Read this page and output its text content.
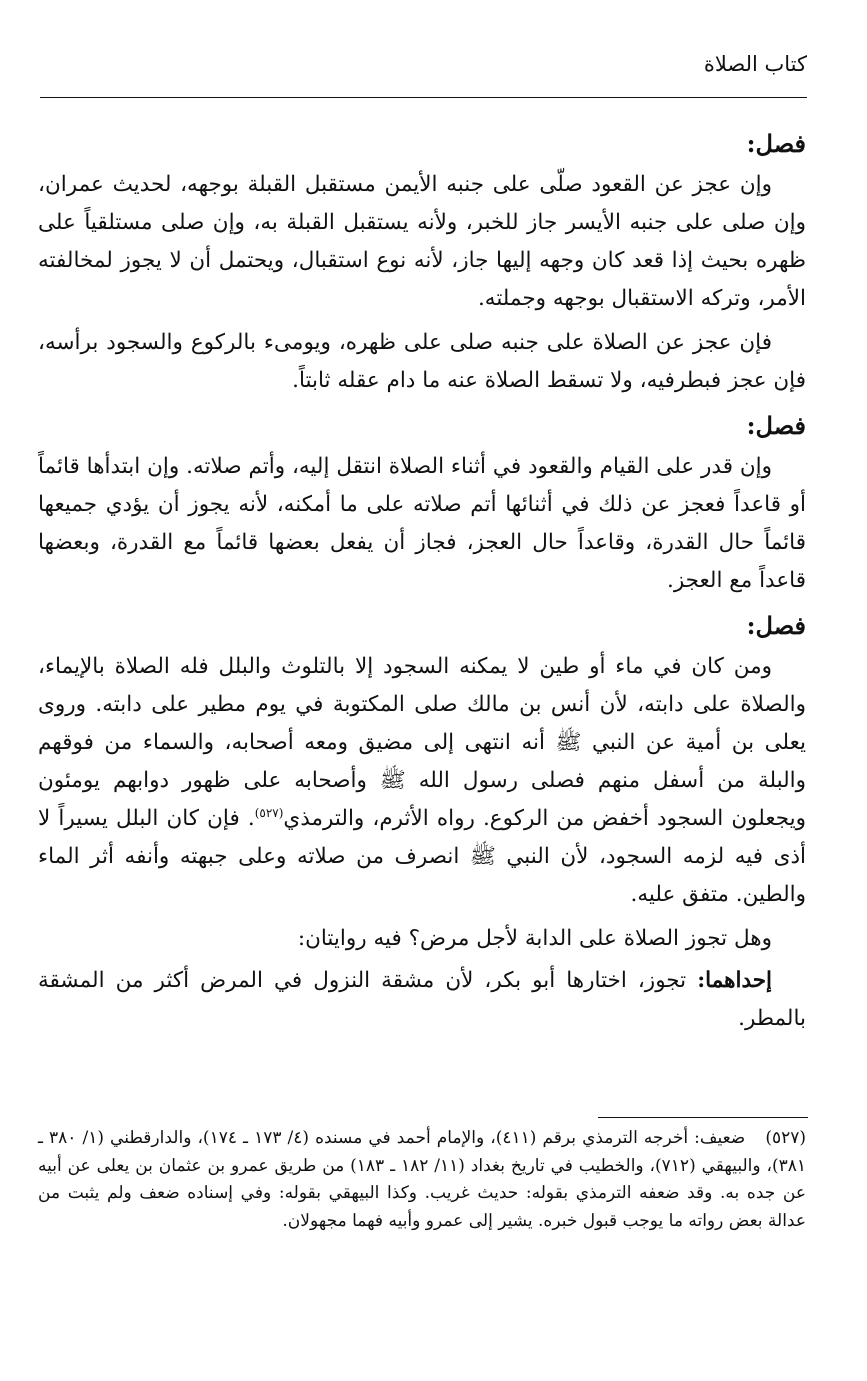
كتاب الصلاة
فصل:

وإن عجز عن القعود صلّى على جنبه الأيمن مستقبل القبلة بوجهه، لحديث عمران، وإن صلى على جنبه الأيسر جاز للخبر، ولأنه يستقبل القبلة به، وإن صلى مستلقياً على ظهره بحيث إذا قعد كان وجهه إليها جاز، لأنه نوع استقبال، ويحتمل أن لا يجوز لمخالفته الأمر، وتركه الاستقبال بوجهه وجملته.

فإن عجز عن الصلاة على جنبه صلى على ظهره، ويومىء بالركوع والسجود برأسه، فإن عجز فبطرفيه، ولا تسقط الصلاة عنه ما دام عقله ثابتاً.

فصل:

وإن قدر على القيام والقعود في أثناء الصلاة انتقل إليه، وأتم صلاته. وإن ابتدأها قائماً أو قاعداً فعجز عن ذلك في أثنائها أتم صلاته على ما أمكنه، لأنه يجوز أن يؤدي جميعها قائماً حال القدرة، وقاعداً حال العجز، فجاز أن يفعل بعضها قائماً مع القدرة، وبعضها قاعداً مع العجز.

فصل:

ومن كان في ماء أو طين لا يمكنه السجود إلا بالتلوث والبلل فله الصلاة بالإيماء، والصلاة على دابته، لأن أنس بن مالك صلى المكتوبة في يوم مطير على دابته. وروى يعلى بن أمية عن النبي ﷺ أنه انتهى إلى مضيق ومعه أصحابه، والسماء من فوقهم والبلة من أسفل منهم فصلى رسول الله ﷺ وأصحابه على ظهور دوابهم يومئون ويجعلون السجود أخفض من الركوع. رواه الأثرم، والترمذي$^{(٥٢٧)}$. فإن كان البلل يسيراً لا أذى فيه لزمه السجود، لأن النبي ﷺ انصرف من صلاته وعلى جبهته وأنفه أثر الماء والطين. متفق عليه.

وهل تجوز الصلاة على الدابة لأجل مرض؟ فيه روايتان:

إحداهما: تجوز، اختارها أبو بكر، لأن مشقة النزول في المرض أكثر من المشقة بالمطر.

(٥٢٧) ضعيف: أخرجه الترمذي برقم (٤١١)، والإمام أحمد في مسنده (٤/ ١٧٣ ـ ١٧٤)، والدارقطني (١/ ٣٨٠ ـ ٣٨١)، والبيهقي (٧١٢)، والخطيب في تاريخ بغداد (١١/ ١٨٢ ـ ١٨٣) من طريق عمرو بن عثمان بن يعلى عن أبيه عن جده به. وقد ضعفه الترمذي بقوله: حديث غريب. وكذا البيهقي بقوله: وفي إسناده ضعف ولم يثبت من عدالة بعض رواته ما يوجب قبول خبره. يشير إلى عمرو وأبيه فهما مجهولان.
